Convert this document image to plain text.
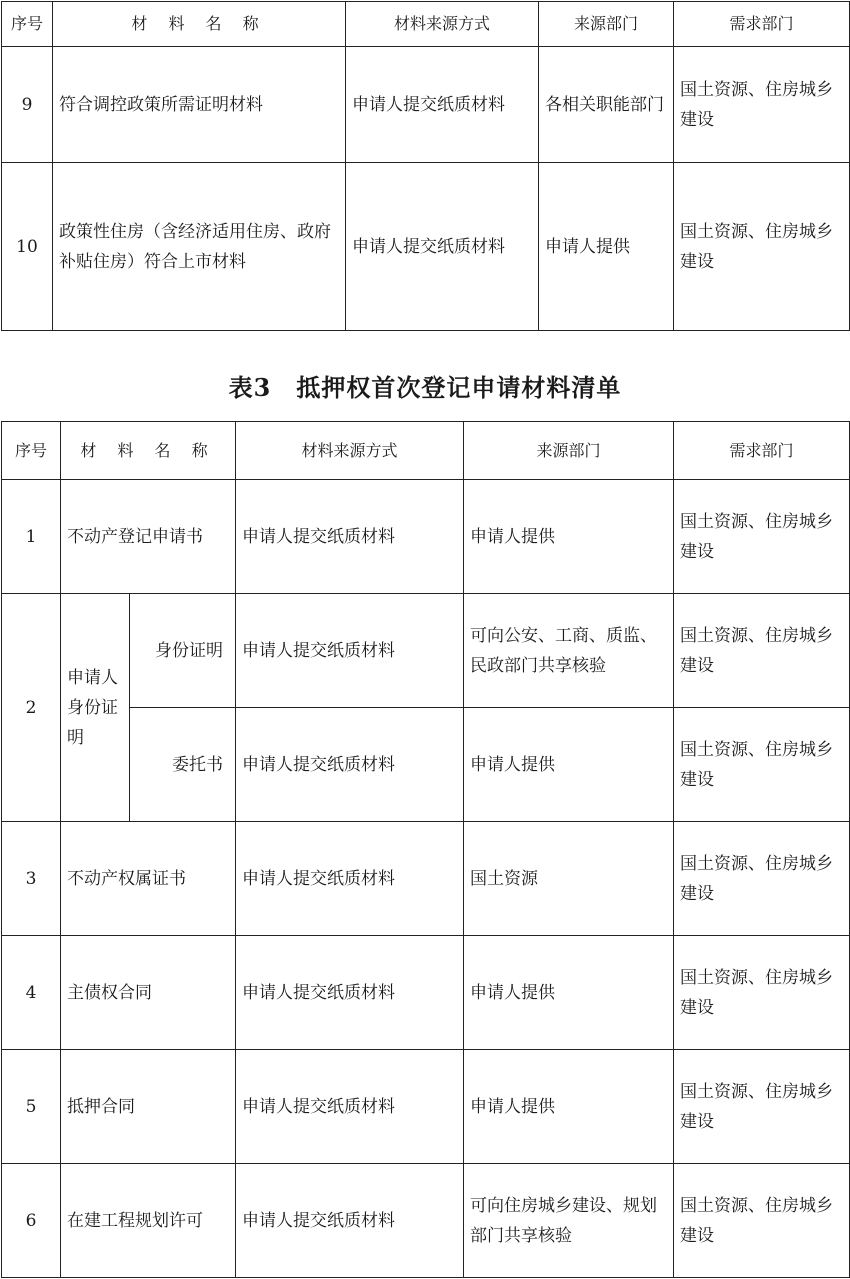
序号	材 料 名 称	材料来源方式	来源部门	需求部门
9	符合调控政策所需证明材料	申请人提交纸质材料	各相关职能部门	国土资源、住房城乡建设
10	政策性住房（含经济适用住房、政府补贴住房）符合上市材料	申请人提交纸质材料	申请人提供	国土资源、住房城乡建设
表3　抵押权首次登记申请材料清单
序号	材 料 名 称		材料来源方式	来源部门	需求部门
1	不动产登记申请书		申请人提交纸质材料	申请人提供	国土资源、住房城乡建设
2	申请人身份证明	身份证明	申请人提交纸质材料	可向公安、工商、质监、民政部门共享核验	国土资源、住房城乡建设
		委托书	申请人提交纸质材料	申请人提供	国土资源、住房城乡建设
3	不动产权属证书		申请人提交纸质材料	国土资源	国土资源、住房城乡建设
4	主债权合同		申请人提交纸质材料	申请人提供	国土资源、住房城乡建设
5	抵押合同		申请人提交纸质材料	申请人提供	国土资源、住房城乡建设
6	在建工程规划许可		申请人提交纸质材料	可向住房城乡建设、规划部门共享核验	国土资源、住房城乡建设
